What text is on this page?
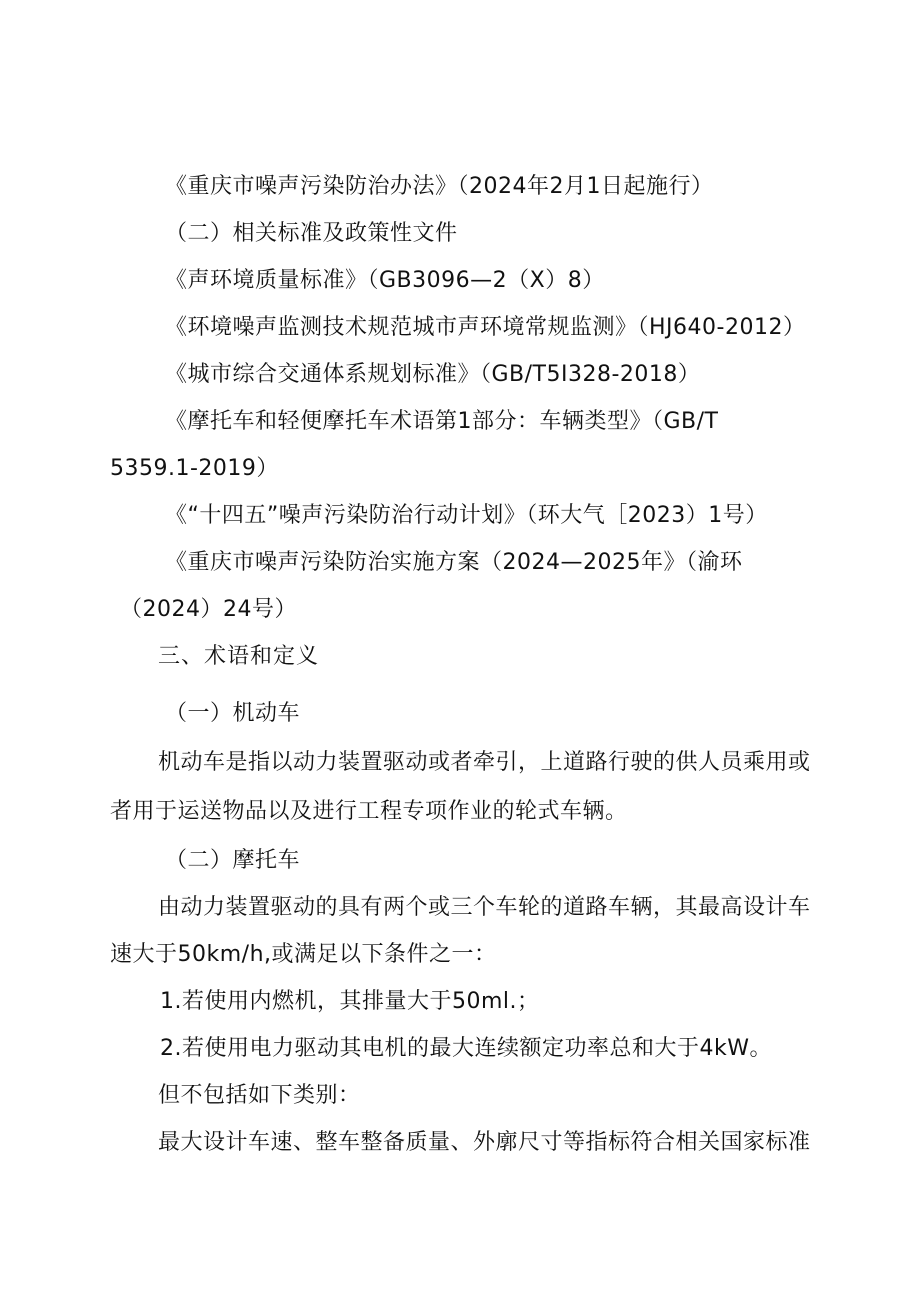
《重庆市噪声污染防治办法》（2024年2月1日起施行）
（二）相关标准及政策性文件
《声环境质量标准》（GB3096—2（X）8）
《环境噪声监测技术规范城市声环境常规监测》（HJ640-2012）
《城市综合交通体系规划标准》（GB/T5I328-2018）
《摩托车和轻便摩托车术语第1部分：车辆类型》（GB/T
5359.1-2019）
《“十四五”噪声污染防治行动计划》（环大气［2023）1号）
《重庆市噪声污染防治实施方案（2024—2025年》（渝环
（2024）24号）
三、术语和定义
（一）机动车
机动车是指以动力装置驱动或者牵引，上道路行驶的供人员乘用或
者用于运送物品以及进行工程专项作业的轮式车辆。
（二）摩托车
由动力装置驱动的具有两个或三个车轮的道路车辆，其最高设计车
速大于50km/h,或满足以下条件之一：
1.若使用内燃机，其排量大于50ml.；
2.若使用电力驱动其电机的最大连续额定功率总和大于4kW。
但不包括如下类别：
最大设计车速、整车整备质量、外廓尺寸等指标符合相关国家标准
